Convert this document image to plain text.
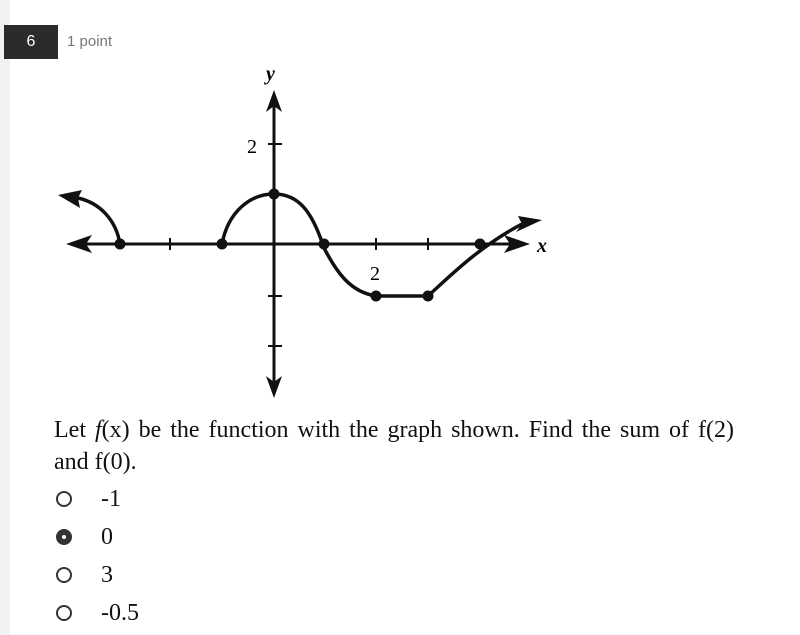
6	1 point
y
x
2
2
Let f(x) be the function with the graph shown. Find the sum of f(2) and f(0).
-1
0
3
-0.5
